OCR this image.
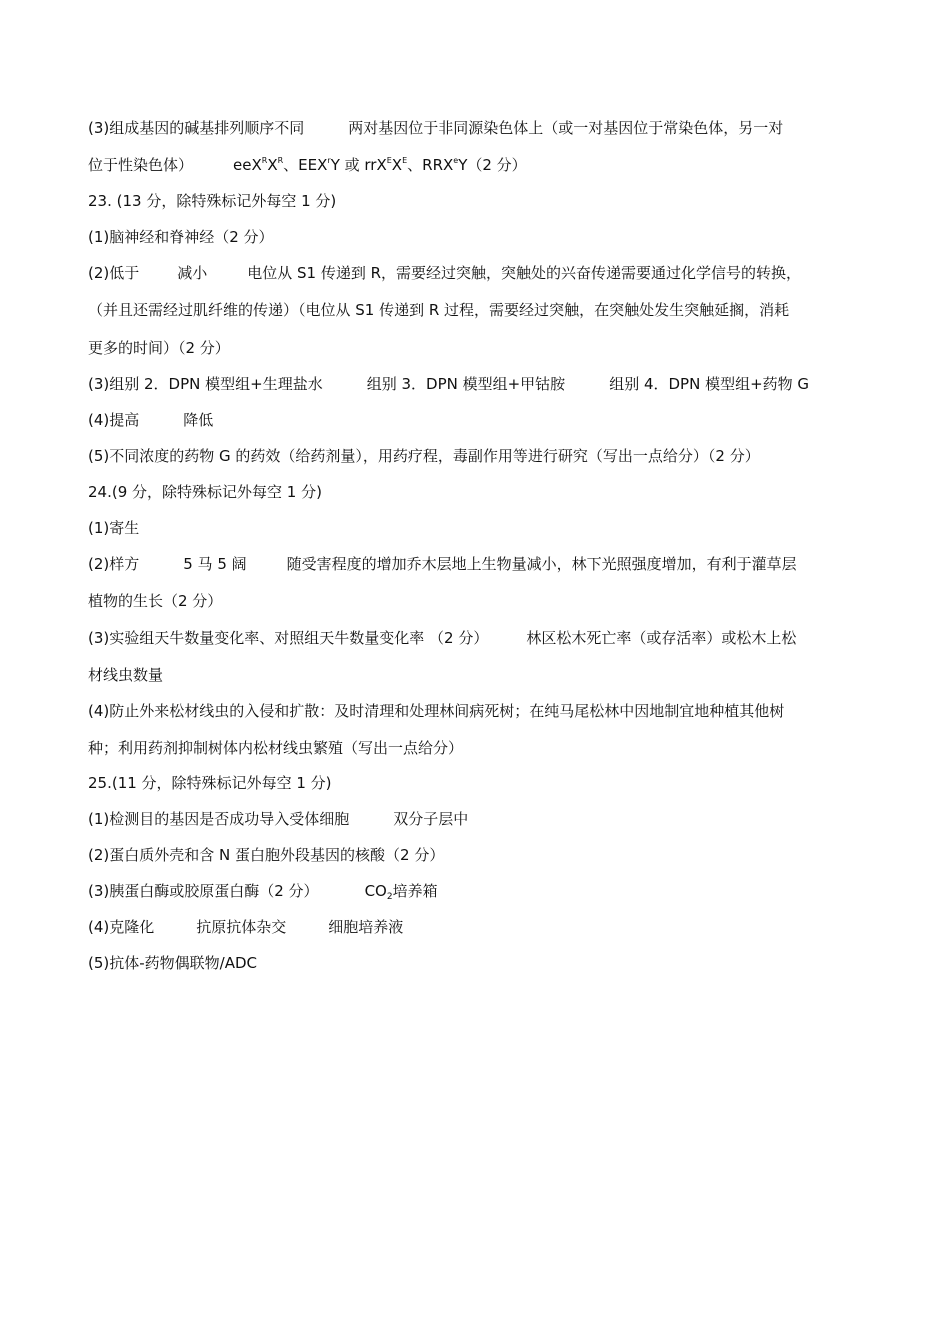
(3)组成基因的碱基排列顺序不同	两对基因位于非同源染色体上（或一对基因位于常染色体，另一对
位于性染色体）	$eeX^RX^R$、EEX$^r$Y 或 $rrX^EX^E$、RRX$^e$Y（2 分）
23. (13 分，除特殊标记外每空 1 分)
(1)脑神经和脊神经（2 分）
(2)低于	减小	电位从 S1 传递到 R，需要经过突触，突触处的兴奋传递需要通过化学信号的转换，
（并且还需经过肌纤维的传递）（电位从 S1 传递到 R 过程，需要经过突触，在突触处发生突触延搁，消耗
更多的时间）（2 分）
(3)组别 2．DPN 模型组+生理盐水	组别 3．DPN 模型组+甲钴胺	组别 4．DPN 模型组+药物 G
(4)提高	降低
(5)不同浓度的药物 G 的药效（给药剂量），用药疗程，毒副作用等进行研究（写出一点给分）（2 分）
24.(9 分，除特殊标记外每空 1 分)
(1)寄生
(2)样方	5 马 5 阔	随受害程度的增加乔木层地上生物量减小，林下光照强度增加，有利于灌草层
植物的生长（2 分）
(3)实验组天牛数量变化率、对照组天牛数量变化率 （2 分）	林区松木死亡率（或存活率）或松木上松
材线虫数量
(4)防止外来松材线虫的入侵和扩散：及时清理和处理林间病死树；在纯马尾松林中因地制宜地种植其他树
种；利用药剂抑制树体内松材线虫繁殖（写出一点给分）
25.(11 分，除特殊标记外每空 1 分)
(1)检测目的基因是否成功导入受体细胞	双分子层中
(2)蛋白质外壳和含 N 蛋白胞外段基因的核酸（2 分）
(3)胰蛋白酶或胶原蛋白酶（2 分）	$CO_2$培养箱
(4)克隆化	抗原抗体杂交	细胞培养液
(5)抗体-药物偶联物/ADC
